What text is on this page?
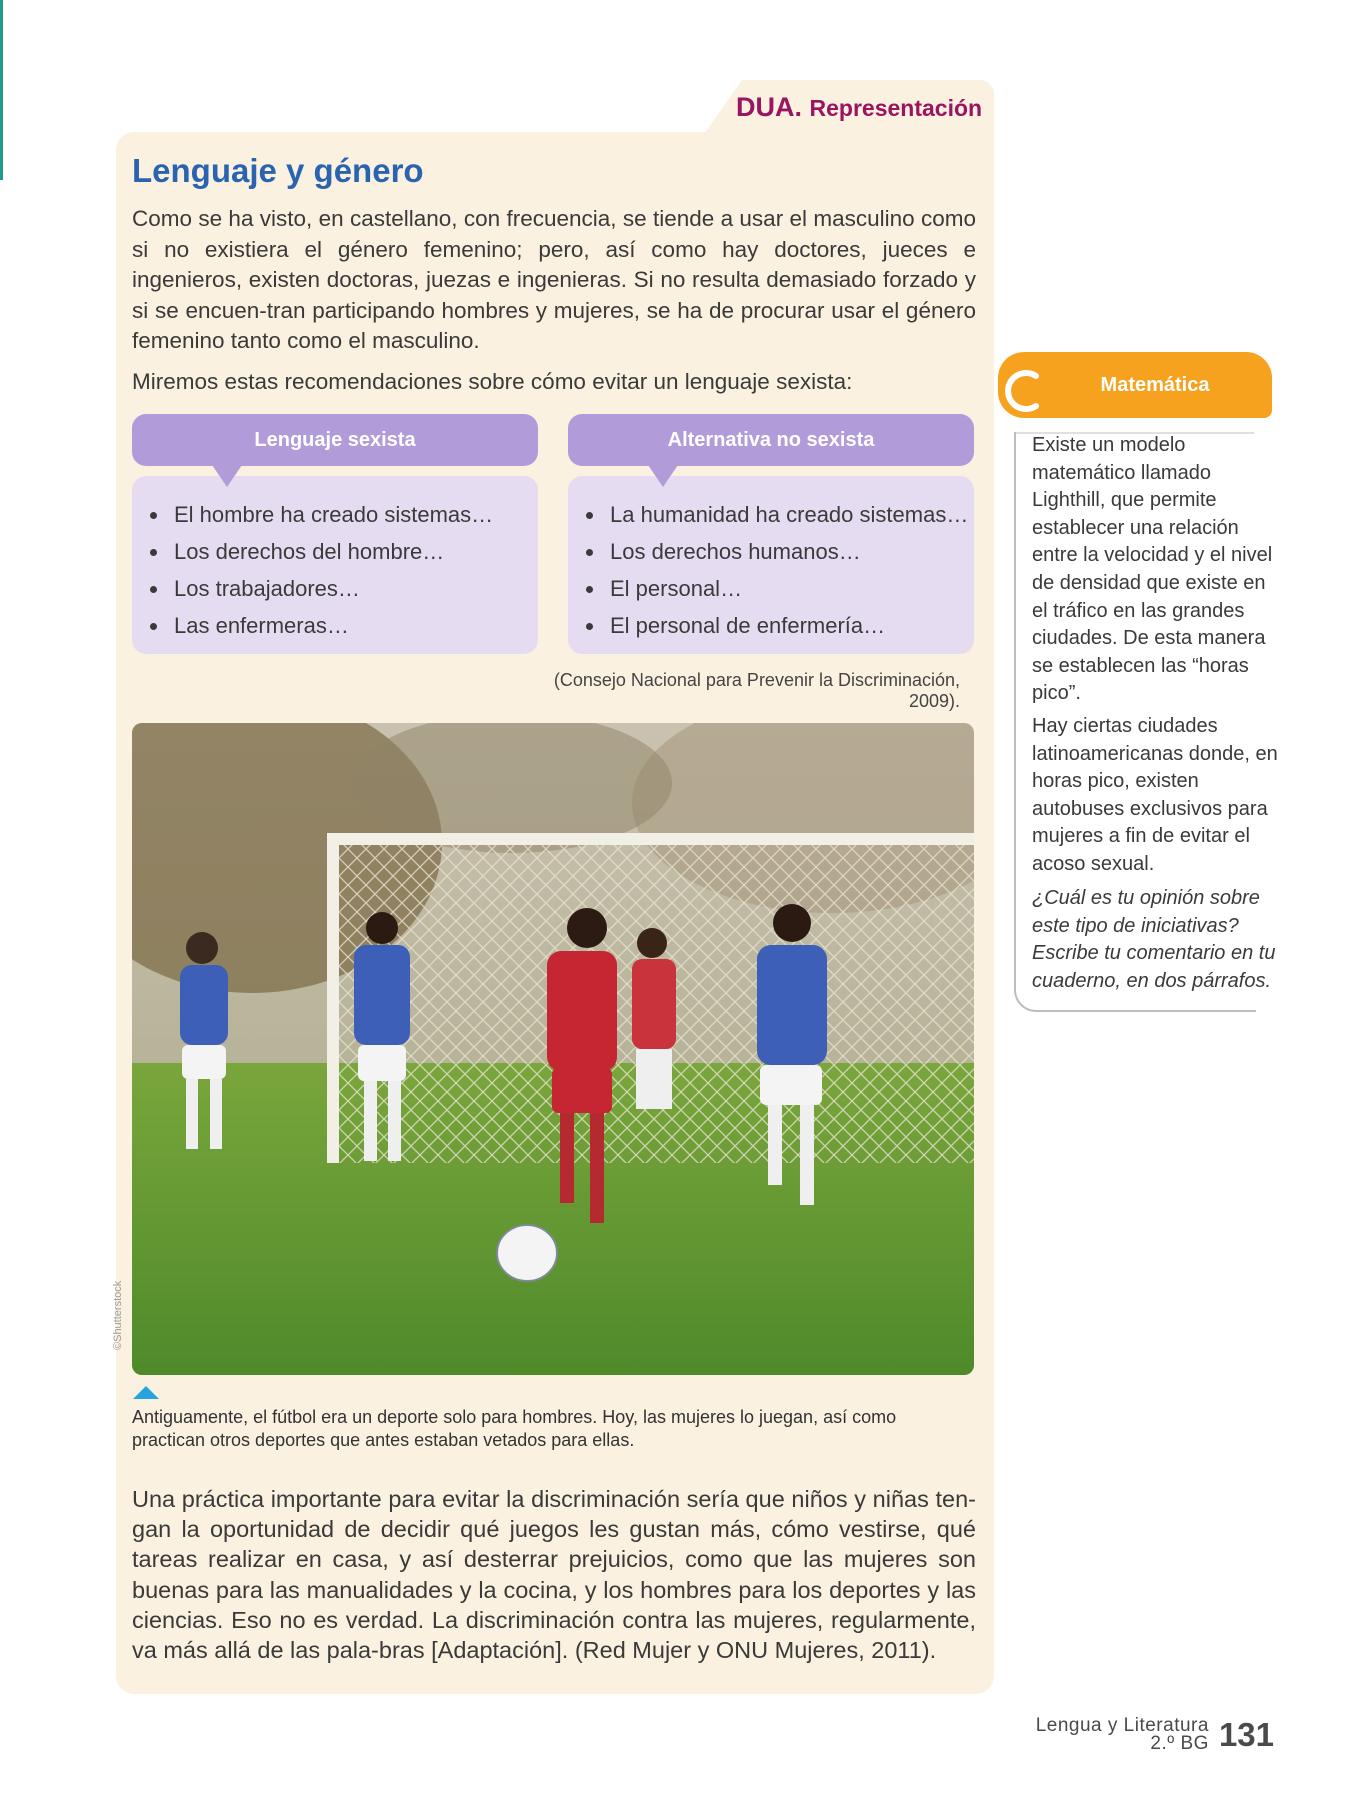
DUA. Representación
Lenguaje y género

Como se ha visto, en castellano, con frecuencia, se tiende a usar el masculino como si no existiera el género femenino; pero, así como hay doctores, jueces e ingenieros, existen doctoras, juezas e ingenieras. Si no resulta demasiado forzado y si se encuen-tran participando hombres y mujeres, se ha de procurar usar el género femenino tanto como el masculino.

Miremos estas recomendaciones sobre cómo evitar un lenguaje sexista:

Lenguaje sexista
• El hombre ha creado sistemas…
• Los derechos del hombre…
• Los trabajadores…
• Las enfermeras…
Alternativa no sexista
• La humanidad ha creado sistemas…
• Los derechos humanos…
• El personal…
• El personal de enfermería…
(Consejo Nacional para Prevenir la Discriminación, 2009).
©Shutterstock

Antiguamente, el fútbol era un deporte solo para hombres. Hoy, las mujeres lo juegan, así como practican otros deportes que antes estaban vetados para ellas.

Una práctica importante para evitar la discriminación sería que niños y niñas ten-gan la oportunidad de decidir qué juegos les gustan más, cómo vestirse, qué tareas realizar en casa, y así desterrar prejuicios, como que las mujeres son buenas para las manualidades y la cocina, y los hombres para los deportes y las ciencias. Eso no es verdad. La discriminación contra las mujeres, regularmente, va más allá de las pala-bras [Adaptación]. (Red Mujer y ONU Mujeres, 2011).

Matemática

Existe un modelo matemático llamado Lighthill, que permite establecer una relación entre la velocidad y el nivel de densidad que existe en el tráfico en las grandes ciudades. De esta manera se establecen las “horas pico”.

Hay ciertas ciudades latinoamericanas donde, en horas pico, existen autobuses exclusivos para mujeres a fin de evitar el acoso sexual.

¿Cuál es tu opinión sobre este tipo de iniciativas? Escribe tu comentario en tu cuaderno, en dos párrafos.

Lengua y Literatura
2.º BG 131
